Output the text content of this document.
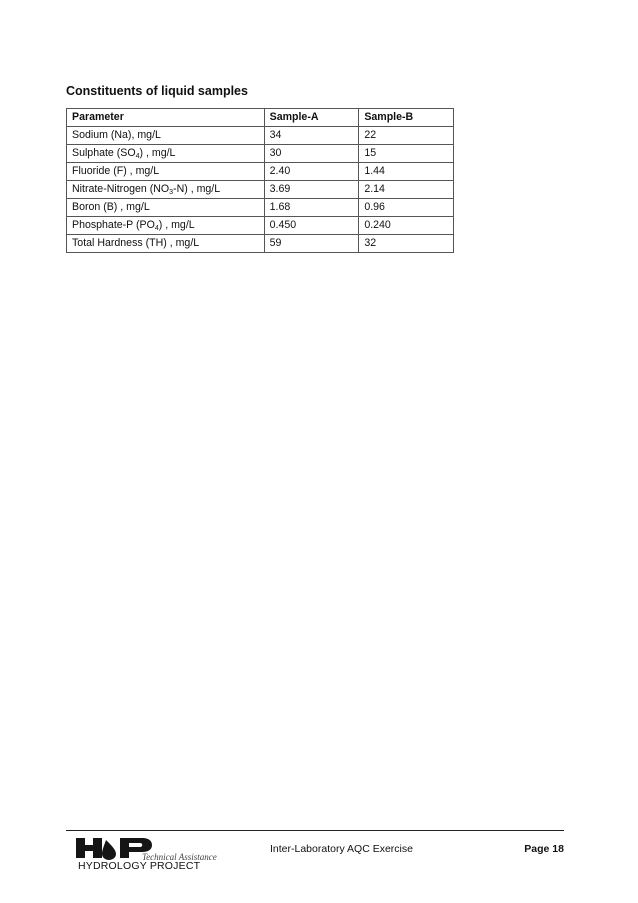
Constituents of liquid samples
Parameter	Sample-A	Sample-B
Sodium (Na), mg/L	34	22
Sulphate $(SO_4)$ , mg/L	30	15
Fluoride (F) , mg/L	2.40	1.44
Nitrate-Nitrogen $(NO_3-N)$ , mg/L	3.69	2.14
Boron (B) , mg/L	1.68	0.96
Phosphate-P $(PO_4)$ , mg/L	0.450	0.240
Total Hardness (TH) , mg/L	59	32
Technical Assistance
HYDROLOGY PROJECT
Inter-Laboratory AQC Exercise	Page 18
